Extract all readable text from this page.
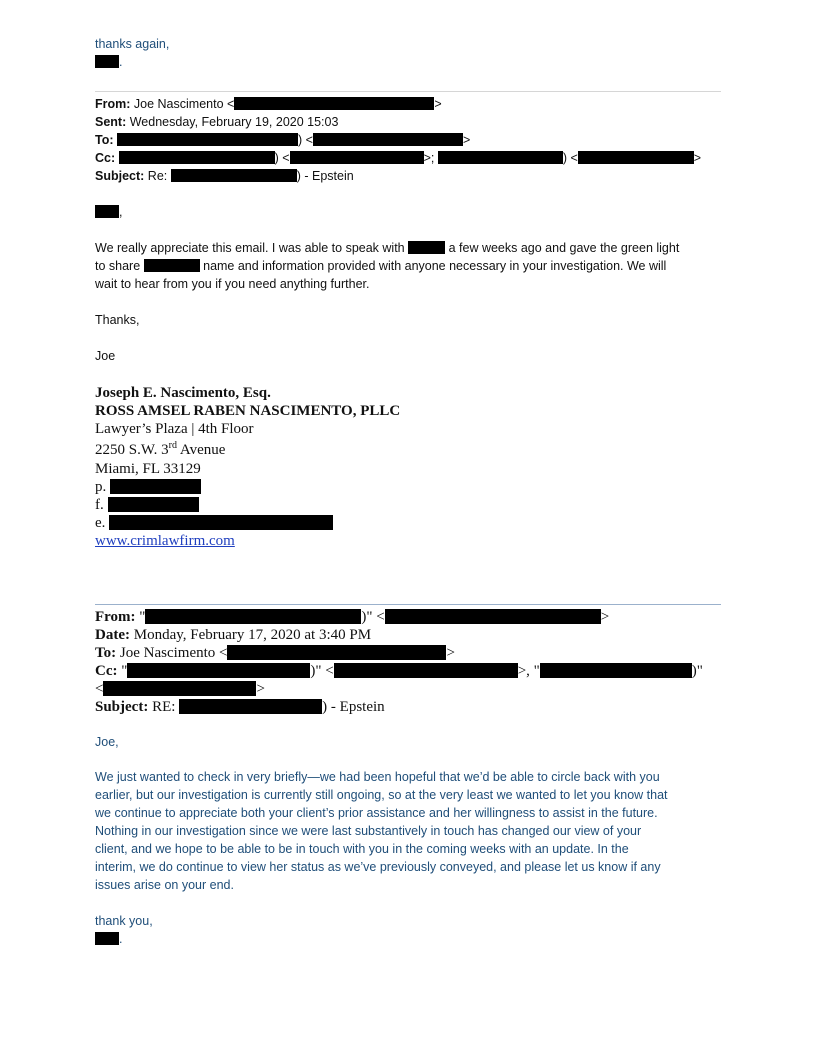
thanks again,
.
From: Joe Nascimento <	>
Sent: Wednesday, February 19, 2020 15:03
To:	) <	>
Cc:	) <	>;	) <	>
Subject: Re:	) - Epstein
,
We really appreciate this email. I was able to speak with	a few weeks ago and gave the green light
to share	name and information provided with anyone necessary in your investigation. We will
wait to hear from you if you need anything further.
Thanks,
Joe
Joseph E. Nascimento, Esq.
ROSS AMSEL RABEN NASCIMENTO, PLLC
Lawyer’s Plaza | 4th Floor
2250 S.W. 3rd Avenue
Miami, FL 33129
p.
f.
e.
www.crimlawfirm.com
From: "	)" <	>
Date: Monday, February 17, 2020 at 3:40 PM
To: Joe Nascimento <	>
Cc: "	)" <	>, "	)"
<	>
Subject: RE:	) - Epstein
Joe,
We just wanted to check in very briefly—we had been hopeful that we’d be able to circle back with you
earlier, but our investigation is currently still ongoing, so at the very least we wanted to let you know that
we continue to appreciate both your client’s prior assistance and her willingness to assist in the future.
Nothing in our investigation since we were last substantively in touch has changed our view of your
client, and we hope to be able to be in touch with you in the coming weeks with an update. In the
interim, we do continue to view her status as we’ve previously conveyed, and please let us know if any
issues arise on your end.
thank you,
.
